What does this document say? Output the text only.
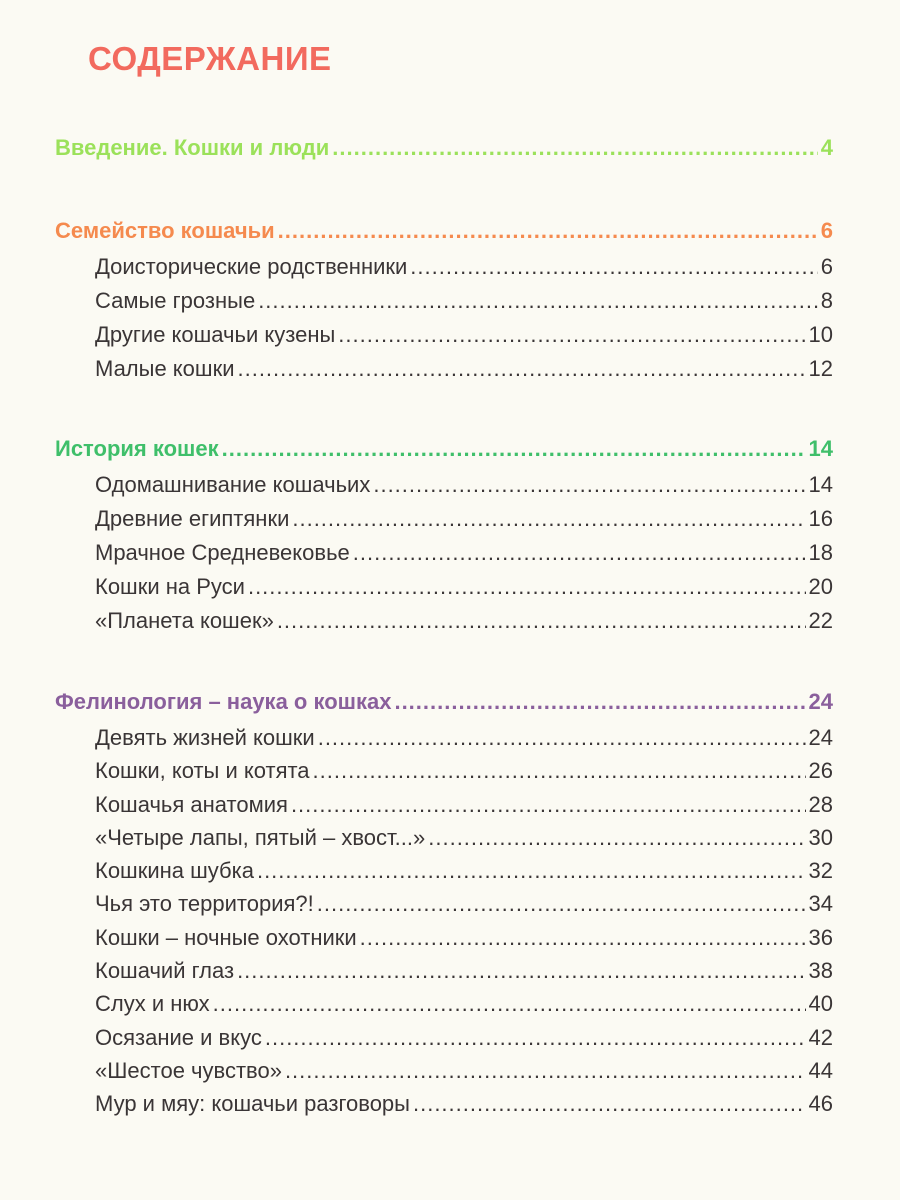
СОДЕРЖАНИЕ
Введение. Кошки и люди .....	4
Семейство кошачьи .....	6
Доисторические родственники .....	6
Самые грозные .....	8
Другие кошачьи кузены .....	10
Малые кошки .....	12
История кошек .....	14
Одомашнивание кошачьих .....	14
Древние египтянки .....	16
Мрачное Средневековье .....	18
Кошки на Руси .....	20
«Планета кошек» .....	22
Фелинология – наука о кошках .....	24
Девять жизней кошки .....	24
Кошки, коты и котята .....	26
Кошачья анатомия .....	28
«Четыре лапы, пятый – хвост...» .....	30
Кошкина шубка .....	32
Чья это территория?! .....	34
Кошки – ночные охотники .....	36
Кошачий глаз .....	38
Слух и нюх .....	40
Осязание и вкус .....	42
«Шестое чувство» .....	44
Мур и мяу: кошачьи разговоры .....	46
